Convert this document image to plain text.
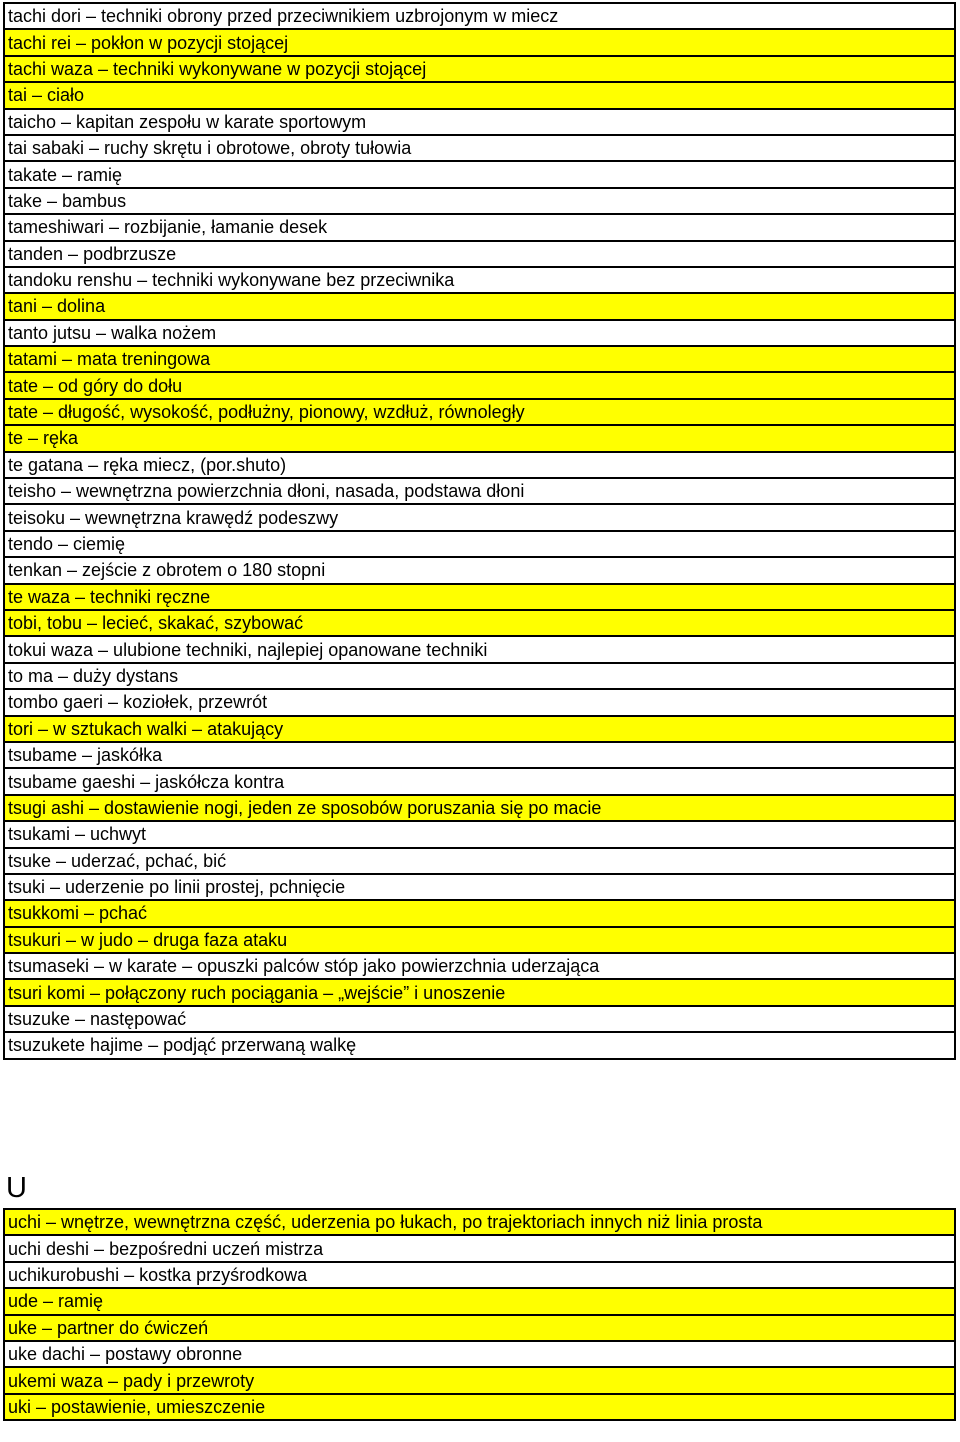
tachi dori – techniki obrony przed przeciwnikiem uzbrojonym w miecz
tachi rei – pokłon w pozycji stojącej
tachi waza – techniki wykonywane w pozycji stojącej
tai – ciało
taicho – kapitan zespołu w karate sportowym
tai sabaki – ruchy skrętu i obrotowe, obroty tułowia
takate – ramię
take – bambus
tameshiwari – rozbijanie, łamanie desek
tanden – podbrzusze
tandoku renshu – techniki wykonywane bez przeciwnika
tani – dolina
tanto jutsu – walka nożem
tatami – mata treningowa
tate – od góry do dołu
tate – długość, wysokość, podłużny, pionowy, wzdłuż, równoległy
te – ręka
te gatana – ręka miecz, (por.shuto)
teisho – wewnętrzna powierzchnia dłoni, nasada, podstawa dłoni
teisoku – wewnętrzna krawędź podeszwy
tendo – ciemię
tenkan – zejście z obrotem o 180 stopni
te waza – techniki ręczne
tobi, tobu – lecieć, skakać, szybować
tokui waza – ulubione techniki, najlepiej opanowane techniki
to ma – duży dystans
tombo gaeri – koziołek, przewrót
tori – w sztukach walki – atakujący
tsubame – jaskółka
tsubame gaeshi – jaskółcza kontra
tsugi ashi – dostawienie nogi, jeden ze sposobów poruszania się po macie
tsukami – uchwyt
tsuke – uderzać, pchać, bić
tsuki – uderzenie po linii prostej, pchnięcie
tsukkomi – pchać
tsukuri – w judo – druga faza ataku
tsumaseki – w karate – opuszki palców stóp jako powierzchnia uderzająca
tsuri komi – połączony ruch pociągania – „wejście” i unoszenie
tsuzuke – następować
tsuzukete hajime – podjąć przerwaną walkę
U
uchi – wnętrze, wewnętrzna część, uderzenia po łukach, po trajektoriach innych niż linia prosta
uchi deshi – bezpośredni uczeń mistrza
uchikurobushi – kostka przyśrodkowa
ude – ramię
uke – partner do ćwiczeń
uke dachi – postawy obronne
ukemi waza – pady i przewroty
uki – postawienie, umieszczenie
